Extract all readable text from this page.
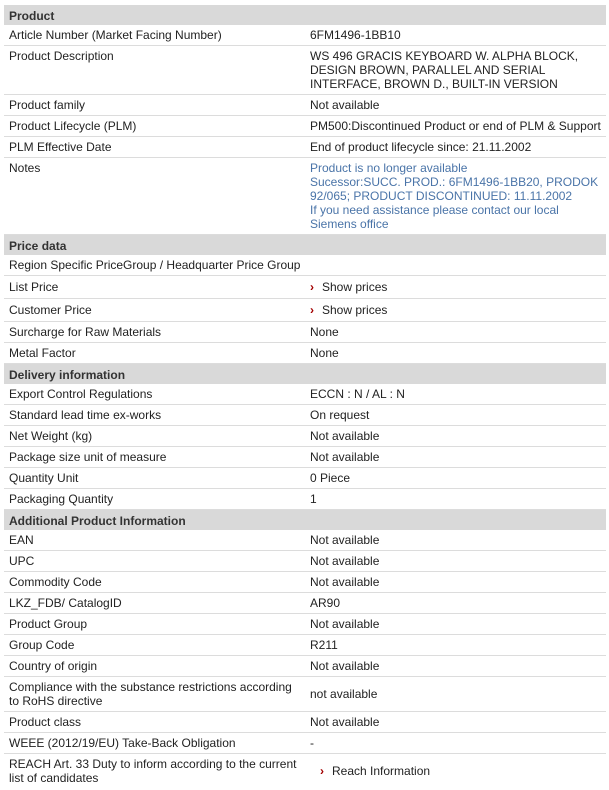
Product
Article Number (Market Facing Number)	6FM1496-1BB10
Product Description	WS 496 GRACIS KEYBOARD W. ALPHA BLOCK, DESIGN BROWN, PARALLEL AND SERIAL INTERFACE, BROWN D., BUILT-IN VERSION
Product family	Not available
Product Lifecycle (PLM)	PM500:Discontinued Product or end of PLM & Support
PLM Effective Date	End of product lifecycle since: 21.11.2002
Notes	Product is no longer available
Sucessor:SUCC. PROD.: 6FM1496-1BB20, PRODOK 92/065; PRODUCT DISCONTINUED: 11.11.2002
If you need assistance please contact our local Siemens office
Price data
Region Specific PriceGroup / Headquarter Price Group
List Price	› Show prices
Customer Price	› Show prices
Surcharge for Raw Materials	None
Metal Factor	None
Delivery information
Export Control Regulations	ECCN : N / AL : N
Standard lead time ex-works	On request
Net Weight (kg)	Not available
Package size unit of measure	Not available
Quantity Unit	0 Piece
Packaging Quantity	1
Additional Product Information
EAN	Not available
UPC	Not available
Commodity Code	Not available
LKZ_FDB/ CatalogID	AR90
Product Group	Not available
Group Code	R211
Country of origin	Not available
Compliance with the substance restrictions according to RoHS directive	not available
Product class	Not available
WEEE (2012/19/EU) Take-Back Obligation	-
REACH Art. 33 Duty to inform according to the current list of candidates	› Reach Information
